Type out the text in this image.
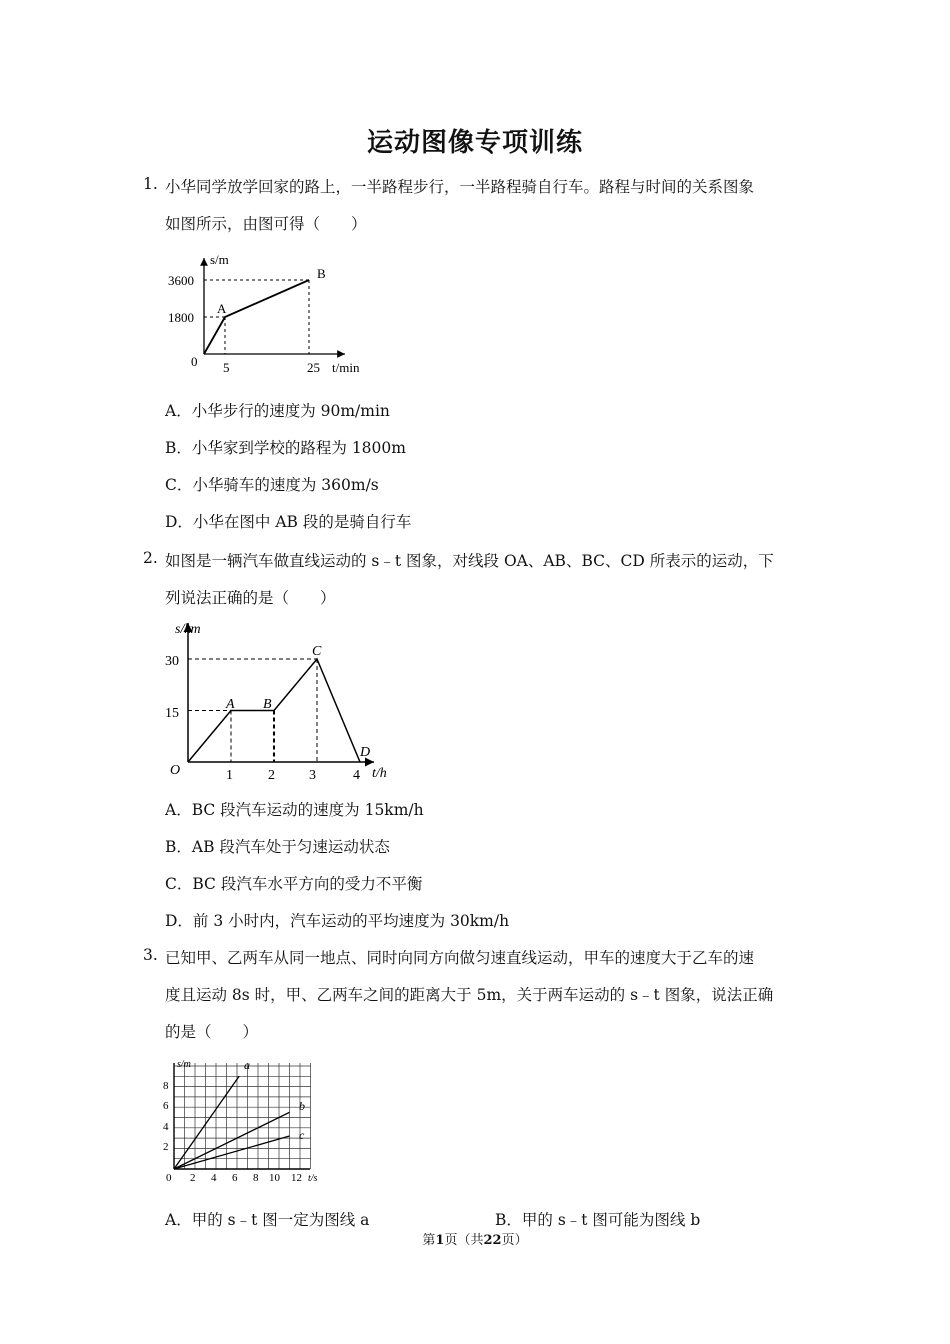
运动图像专项训练
1. 小华同学放学回家的路上，一半路程步行，一半路程骑自行车。路程与时间的关系图象
如图所示，由图可得（　　）
s/m
t/min
0
1800
3600
5	25
A
B
A．小华步行的速度为 90m/min
B．小华家到学校的路程为 1800m
C．小华骑车的速度为 360m/s
D．小华在图中 AB 段的是骑自行车
2. 如图是一辆汽车做直线运动的 s﹣t 图象，对线段 OA、AB、BC、CD 所表示的运动，下
列说法正确的是（　　）
s/km
t/h
15
30
1	2 3	4
O
A B
C
D
A．BC 段汽车运动的速度为 15km/h
B．AB 段汽车处于匀速运动状态
C．BC 段汽车水平方向的受力不平衡
D．前 3 小时内，汽车运动的平均速度为 30km/h
3. 已知甲、乙两车从同一地点、同时向同方向做匀速直线运动，甲车的速度大于乙车的速
度且运动 8s 时，甲、乙两车之间的距离大于 5m，关于两车运动的 s﹣t 图象，说法正确
的是（　　）
s/m
t/s
0
2
4
6
8
2 4 6 8 10 12
a
b
c
A．甲的 s﹣t 图一定为图线 a	B．甲的 s﹣t 图可能为图线 b
第1页（共22页）
